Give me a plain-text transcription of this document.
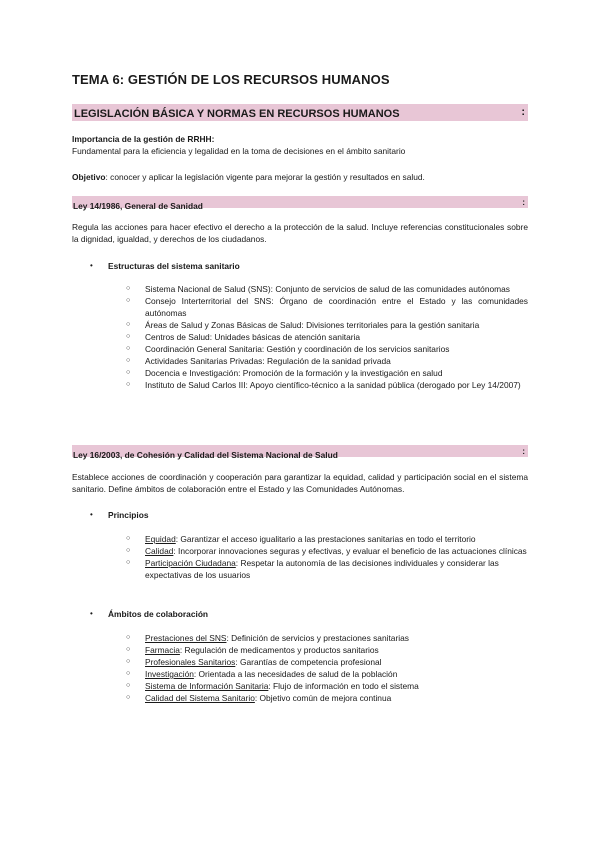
TEMA 6: GESTIÓN DE LOS RECURSOS HUMANOS
LEGISLACIÓN BÁSICA Y NORMAS EN RECURSOS HUMANOS	:
Importancia de la gestión de RRHH:
Fundamental para la eficiencia y legalidad en la toma de decisiones en el ámbito sanitario
Objetivo: conocer y aplicar la legislación vigente para mejorar la gestión y resultados en salud.
Ley 14/1986, General de Sanidad	:
Regula las acciones para hacer efectivo el derecho a la protección de la salud. Incluye referencias constitucionales sobre la dignidad, igualdad, y derechos de los ciudadanos.
• Estructuras del sistema sanitario
○ Sistema Nacional de Salud (SNS): Conjunto de servicios de salud de las comunidades autónomas
○ Consejo Interterritorial del SNS: Órgano de coordinación entre el Estado y las comunidades autónomas
○ Áreas de Salud y Zonas Básicas de Salud: Divisiones territoriales para la gestión sanitaria
○ Centros de Salud: Unidades básicas de atención sanitaria
○ Coordinación General Sanitaria: Gestión y coordinación de los servicios sanitarios
○ Actividades Sanitarias Privadas: Regulación de la sanidad privada
○ Docencia e Investigación: Promoción de la formación y la investigación en salud
○ Instituto de Salud Carlos III: Apoyo científico-técnico a la sanidad pública (derogado por Ley 14/2007)
Ley 16/2003, de Cohesión y Calidad del Sistema Nacional de Salud	:
Establece acciones de coordinación y cooperación para garantizar la equidad, calidad y participación social en el sistema sanitario. Define ámbitos de colaboración entre el Estado y las Comunidades Autónomas.
• Principios
○ Equidad: Garantizar el acceso igualitario a las prestaciones sanitarias en todo el territorio
○ Calidad: Incorporar innovaciones seguras y efectivas, y evaluar el beneficio de las actuaciones clínicas
○ Participación Ciudadana: Respetar la autonomía de las decisiones individuales y considerar las expectativas de los usuarios
• Ámbitos de colaboración
○ Prestaciones del SNS: Definición de servicios y prestaciones sanitarias
○ Farmacia: Regulación de medicamentos y productos sanitarios
○ Profesionales Sanitarios: Garantías de competencia profesional
○ Investigación: Orientada a las necesidades de salud de la población
○ Sistema de Información Sanitaria: Flujo de información en todo el sistema
○ Calidad del Sistema Sanitario: Objetivo común de mejora continua
